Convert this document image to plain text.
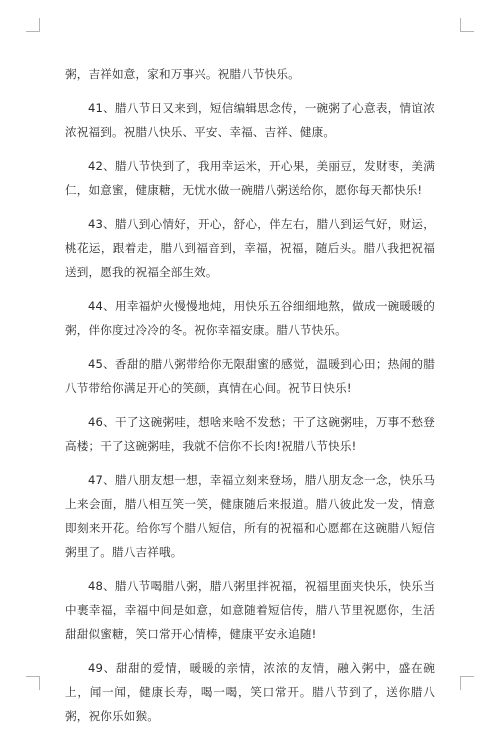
粥，吉祥如意，家和万事兴。祝腊八节快乐。

41、腊八节日又来到，短信编辑思念传，一碗粥了心意表，情谊浓浓祝福到。祝腊八快乐、平安、幸福、吉祥、健康。

42、腊八节快到了，我用幸运米，开心果，美丽豆，发财枣，美满仁，如意蜜，健康糖，无忧水做一碗腊八粥送给你，愿你每天都快乐!

43、腊八到心情好，开心，舒心，伴左右，腊八到运气好，财运，桃花运，跟着走，腊八到福音到，幸福，祝福，随后头。腊八我把祝福送到，愿我的祝福全部生效。

44、用幸福炉火慢慢地炖，用快乐五谷细细地熬，做成一碗暖暖的粥，伴你度过冷冷的冬。祝你幸福安康。腊八节快乐。

45、香甜的腊八粥带给你无限甜蜜的感觉，温暖到心田；热闹的腊八节带给你满足开心的笑颜，真情在心间。祝节日快乐!

46、干了这碗粥哇，想啥来啥不发愁；干了这碗粥哇，万事不愁登高楼；干了这碗粥哇，我就不信你不长肉!祝腊八节快乐!

47、腊八朋友想一想，幸福立刻来登场，腊八朋友念一念，快乐马上来会面，腊八相互笑一笑，健康随后来报道。腊八彼此发一发，情意即刻来开花。给你写个腊八短信，所有的祝福和心愿都在这碗腊八短信粥里了。腊八吉祥哦。

48、腊八节喝腊八粥，腊八粥里拌祝福，祝福里面夹快乐，快乐当中裹幸福，幸福中间是如意，如意随着短信传，腊八节里祝愿你，生活甜甜似蜜糖，笑口常开心情棒，健康平安永追随!

49、甜甜的爱情，暖暖的亲情，浓浓的友情，融入粥中，盛在碗上，闻一闻，健康长寿，喝一喝，笑口常开。腊八节到了，送你腊八粥，祝你乐如猴。
